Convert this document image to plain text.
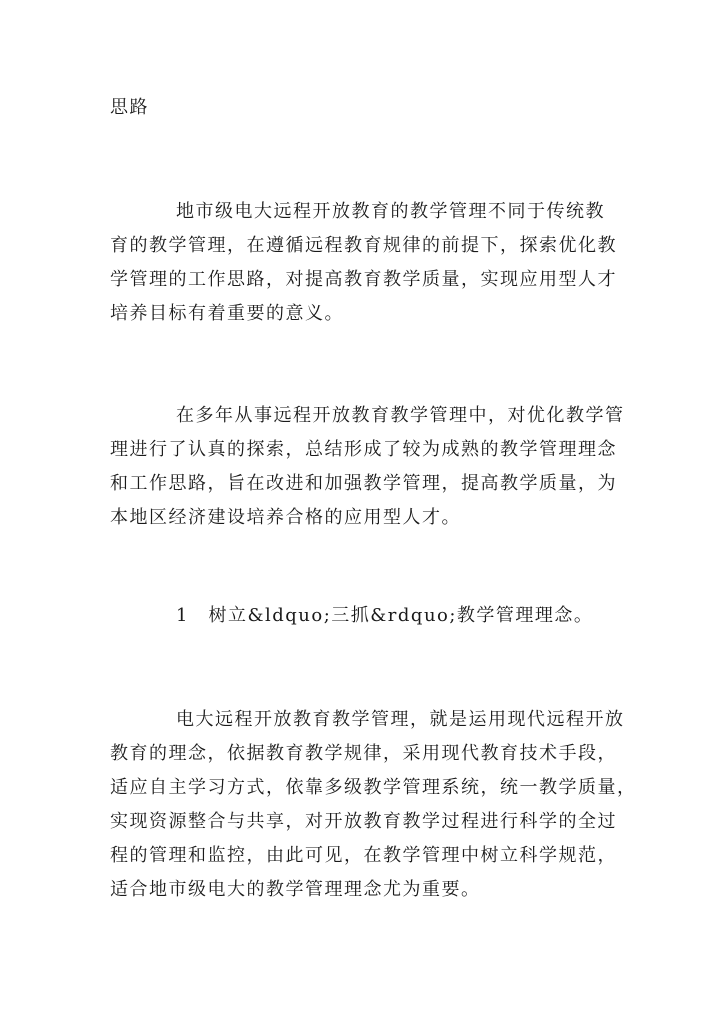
思路
地市级电大远程开放教育的教学管理不同于传统教
育的教学管理，在遵循远程教育规律的前提下，探索优化教
学管理的工作思路，对提高教育教学质量，实现应用型人才
培养目标有着重要的意义。
在多年从事远程开放教育教学管理中，对优化教学管
理进行了认真的探索，总结形成了较为成熟的教学管理理念
和工作思路，旨在改进和加强教学管理，提高教学质量，为
本地区经济建设培养合格的应用型人才。
1　树立&ldquo;三抓&rdquo;教学管理理念。
电大远程开放教育教学管理，就是运用现代远程开放
教育的理念，依据教育教学规律，采用现代教育技术手段，
适应自主学习方式，依靠多级教学管理系统，统一教学质量，
实现资源整合与共享，对开放教育教学过程进行科学的全过
程的管理和监控，由此可见，在教学管理中树立科学规范，
适合地市级电大的教学管理理念尤为重要。
